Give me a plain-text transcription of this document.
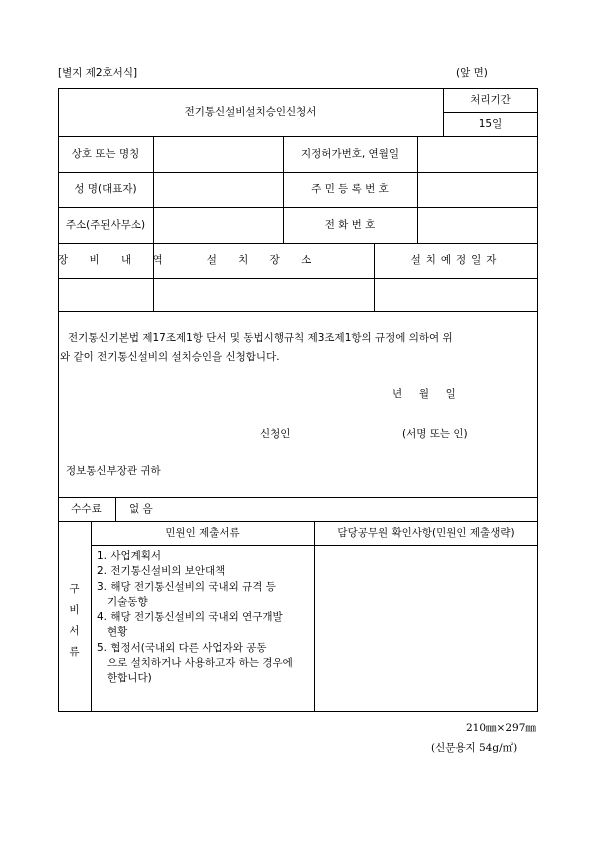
[별지 제2호서식]	(앞 면)
전기통신설비설치승인신청서
처리기간
15일
상호 또는 명칭	지정허가번호, 연월일
성 명(대표자)	주 민 등 록 번 호
주소(주된사무소)	전 화 번 호
장 비 내 역	설 치 장 소	설치예정일자
전기통신기본법 제17조제1항 단서 및 동법시행규칙 제3조제1항의 규정에 의하여 위
와 같이 전기통신설비의 설치승인을 신청합니다.
년     월     일
신청인	(서명 또는 인)
정보통신부장관 귀하
수수료	없 음
구
비
서
류
민원인 제출서류	담당공무원 확인사항(민원인 제출생략)
1. 사업계획서
2. 전기통신설비의 보안대책
3. 해당 전기통신설비의 국내외 규격 등
기술동향
4. 해당 전기통신설비의 국내외 연구개발
현황
5. 협정서(국내외 다른 사업자와 공동
으로 설치하거나 사용하고자 하는 경우에
한합니다)
210㎜×297㎜
(신문용지 54g/㎡)
